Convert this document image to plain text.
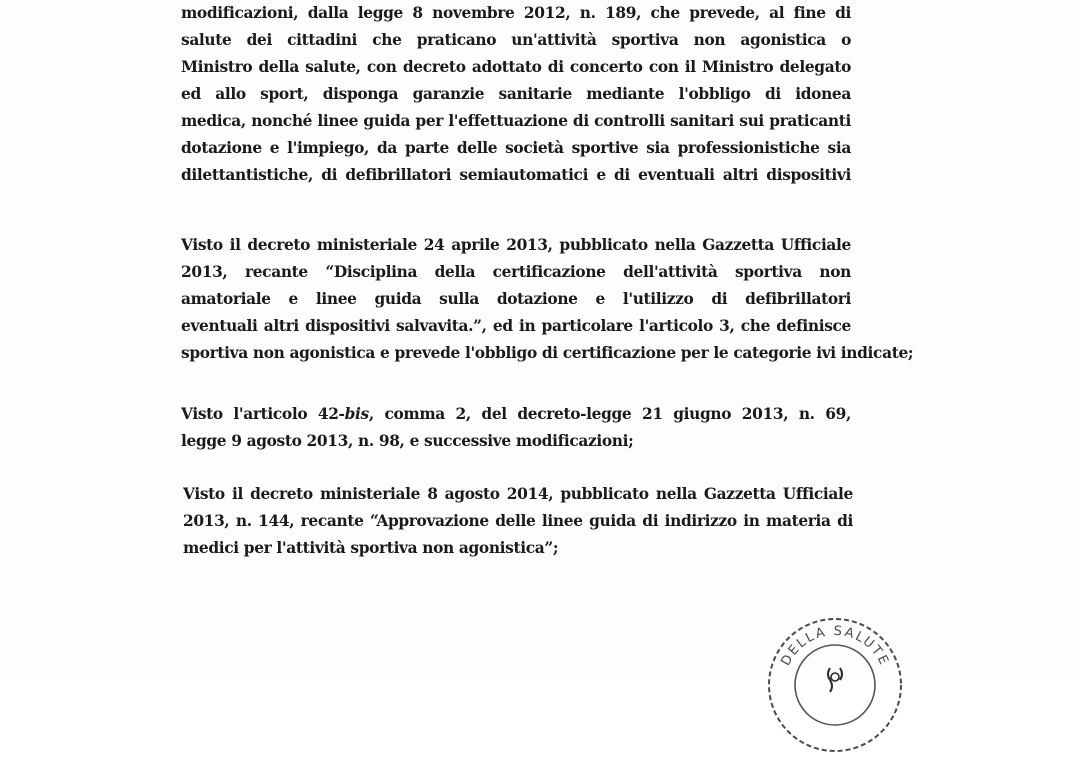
modificazioni, dalla legge 8 novembre 2012, n. 189, che prevede, al fine di
salute dei cittadini che praticano un'attività sportiva non agonistica o
Ministro della salute, con decreto adottato di concerto con il Ministro delegato
ed allo sport, disponga garanzie sanitarie mediante l'obbligo di idonea
medica, nonché linee guida per l'effettuazione di controlli sanitari sui praticanti
dotazione e l'impiego, da parte delle società sportive sia professionistiche sia
dilettantistiche, di defibrillatori semiautomatici e di eventuali altri dispositivi
Visto il decreto ministeriale 24 aprile 2013, pubblicato nella Gazzetta Ufficiale
2013, recante “Disciplina della certificazione dell'attività sportiva non
amatoriale e linee guida sulla dotazione e l'utilizzo di defibrillatori
eventuali altri dispositivi salvavita.”, ed in particolare l'articolo 3, che definisce
sportiva non agonistica e prevede l'obbligo di certificazione per le categorie ivi indicate;
Visto l'articolo 42-bis, comma 2, del decreto-legge 21 giugno 2013, n. 69,
legge 9 agosto 2013, n. 98, e successive modificazioni;
Visto il decreto ministeriale 8 agosto 2014, pubblicato nella Gazzetta Ufficiale
2013, n. 144, recante “Approvazione delle linee guida di indirizzo in materia di
medici per l'attività sportiva non agonistica”;
DELLA SALUTE
